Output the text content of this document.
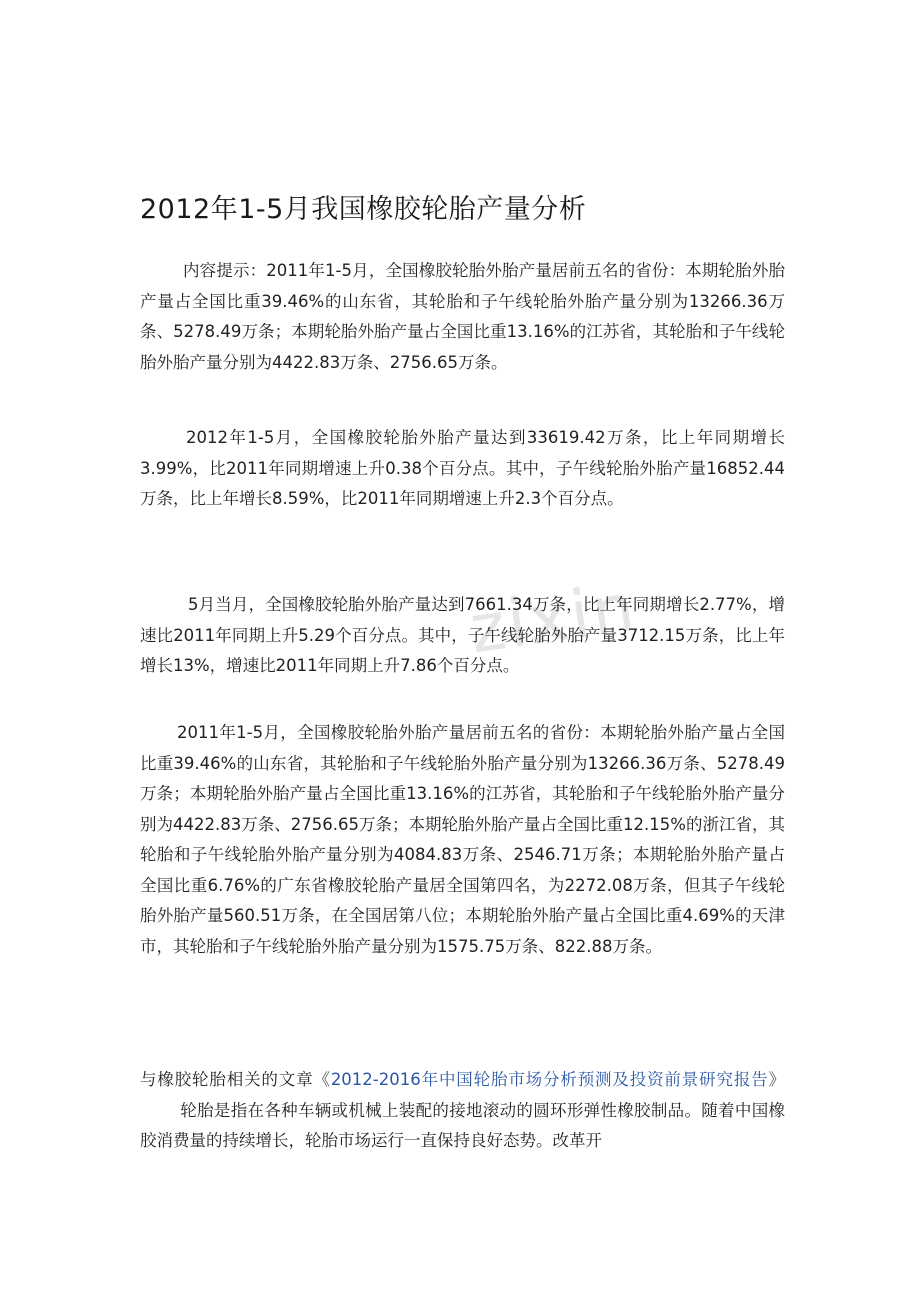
zixin
2012年1-5月我国橡胶轮胎产量分析

内容提示：2011年1-5月，全国橡胶轮胎外胎产量居前五名的省份：本期轮胎外胎产量占全国比重39.46%的山东省，其轮胎和子午线轮胎外胎产量分别为13266.36万条、5278.49万条；本期轮胎外胎产量占全国比重13.16%的江苏省，其轮胎和子午线轮胎外胎产量分别为4422.83万条、2756.65万条。

2012年1-5月，全国橡胶轮胎外胎产量达到33619.42万条，比上年同期增长3.99%，比2011年同期增速上升0.38个百分点。其中，子午线轮胎外胎产量16852.44万条，比上年增长8.59%，比2011年同期增速上升2.3个百分点。

5月当月，全国橡胶轮胎外胎产量达到7661.34万条，比上年同期增长2.77%，增速比2011年同期上升5.29个百分点。其中，子午线轮胎外胎产量3712.15万条，比上年增长13%，增速比2011年同期上升7.86个百分点。

2011年1-5月，全国橡胶轮胎外胎产量居前五名的省份：本期轮胎外胎产量占全国比重39.46%的山东省，其轮胎和子午线轮胎外胎产量分别为13266.36万条、5278.49万条；本期轮胎外胎产量占全国比重13.16%的江苏省，其轮胎和子午线轮胎外胎产量分别为4422.83万条、2756.65万条；本期轮胎外胎产量占全国比重12.15%的浙江省，其轮胎和子午线轮胎外胎产量分别为4084.83万条、2546.71万条；本期轮胎外胎产量占全国比重6.76%的广东省橡胶轮胎产量居全国第四名，为2272.08万条，但其子午线轮胎外胎产量560.51万条，在全国居第八位；本期轮胎外胎产量占全国比重4.69%的天津市，其轮胎和子午线轮胎外胎产量分别为1575.75万条、822.88万条。

与橡胶轮胎相关的文章《2012-2016年中国轮胎市场分析预测及投资前景研究报告》轮胎是指在各种车辆或机械上装配的接地滚动的圆环形弹性橡胶制品。随着中国橡胶消费量的持续增长，轮胎市场运行一直保持良好态势。改革开
